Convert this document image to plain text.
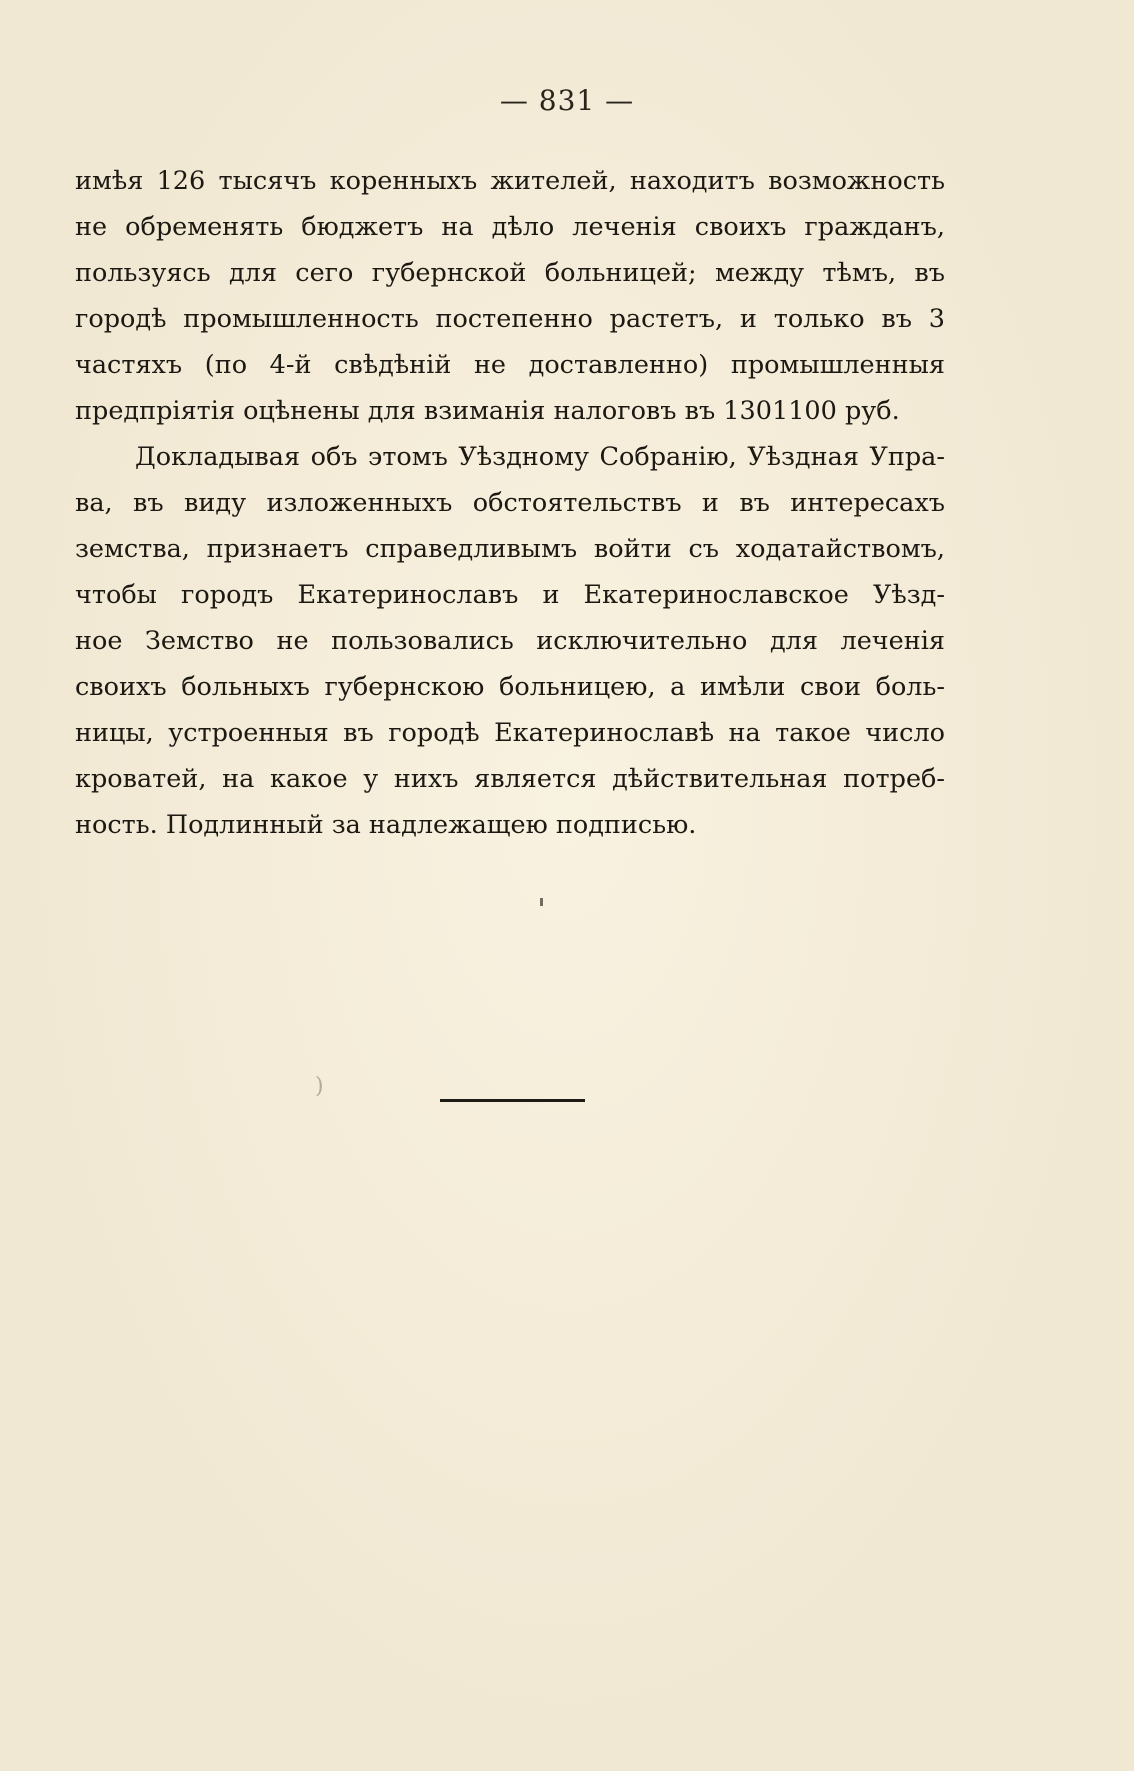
— 831 —

имѣя 126 тысячъ коренныхъ жителей, находитъ возможность
не обременять бюджетъ на дѣло леченія своихъ гражданъ,
пользуясь для сего губернской больницей; между тѣмъ, въ
городѣ промышленность постепенно растетъ, и только въ 3
частяхъ (по 4-й свѣдѣній не доставленно) промышленныя
предпріятія оцѣнены для взиманія налоговъ въ 1301100 руб.

Докладывая объ этомъ Уѣздному Собранію, Уѣздная Упра-
ва, въ виду изложенныхъ обстоятельствъ и въ интересахъ
земства, признаетъ справедливымъ войти съ ходатайствомъ,
чтобы городъ Екатеринославъ и Екатеринославское Уѣзд-
ное Земство не пользовались исключительно для леченія
своихъ больныхъ губернскою больницею, а имѣли свои боль-
ницы, устроенныя въ городѣ Екатеринославѣ на такое число
кроватей, на какое у нихъ является дѣйствительная потреб-
ность. Подлинный за надлежащею подписью.

)
